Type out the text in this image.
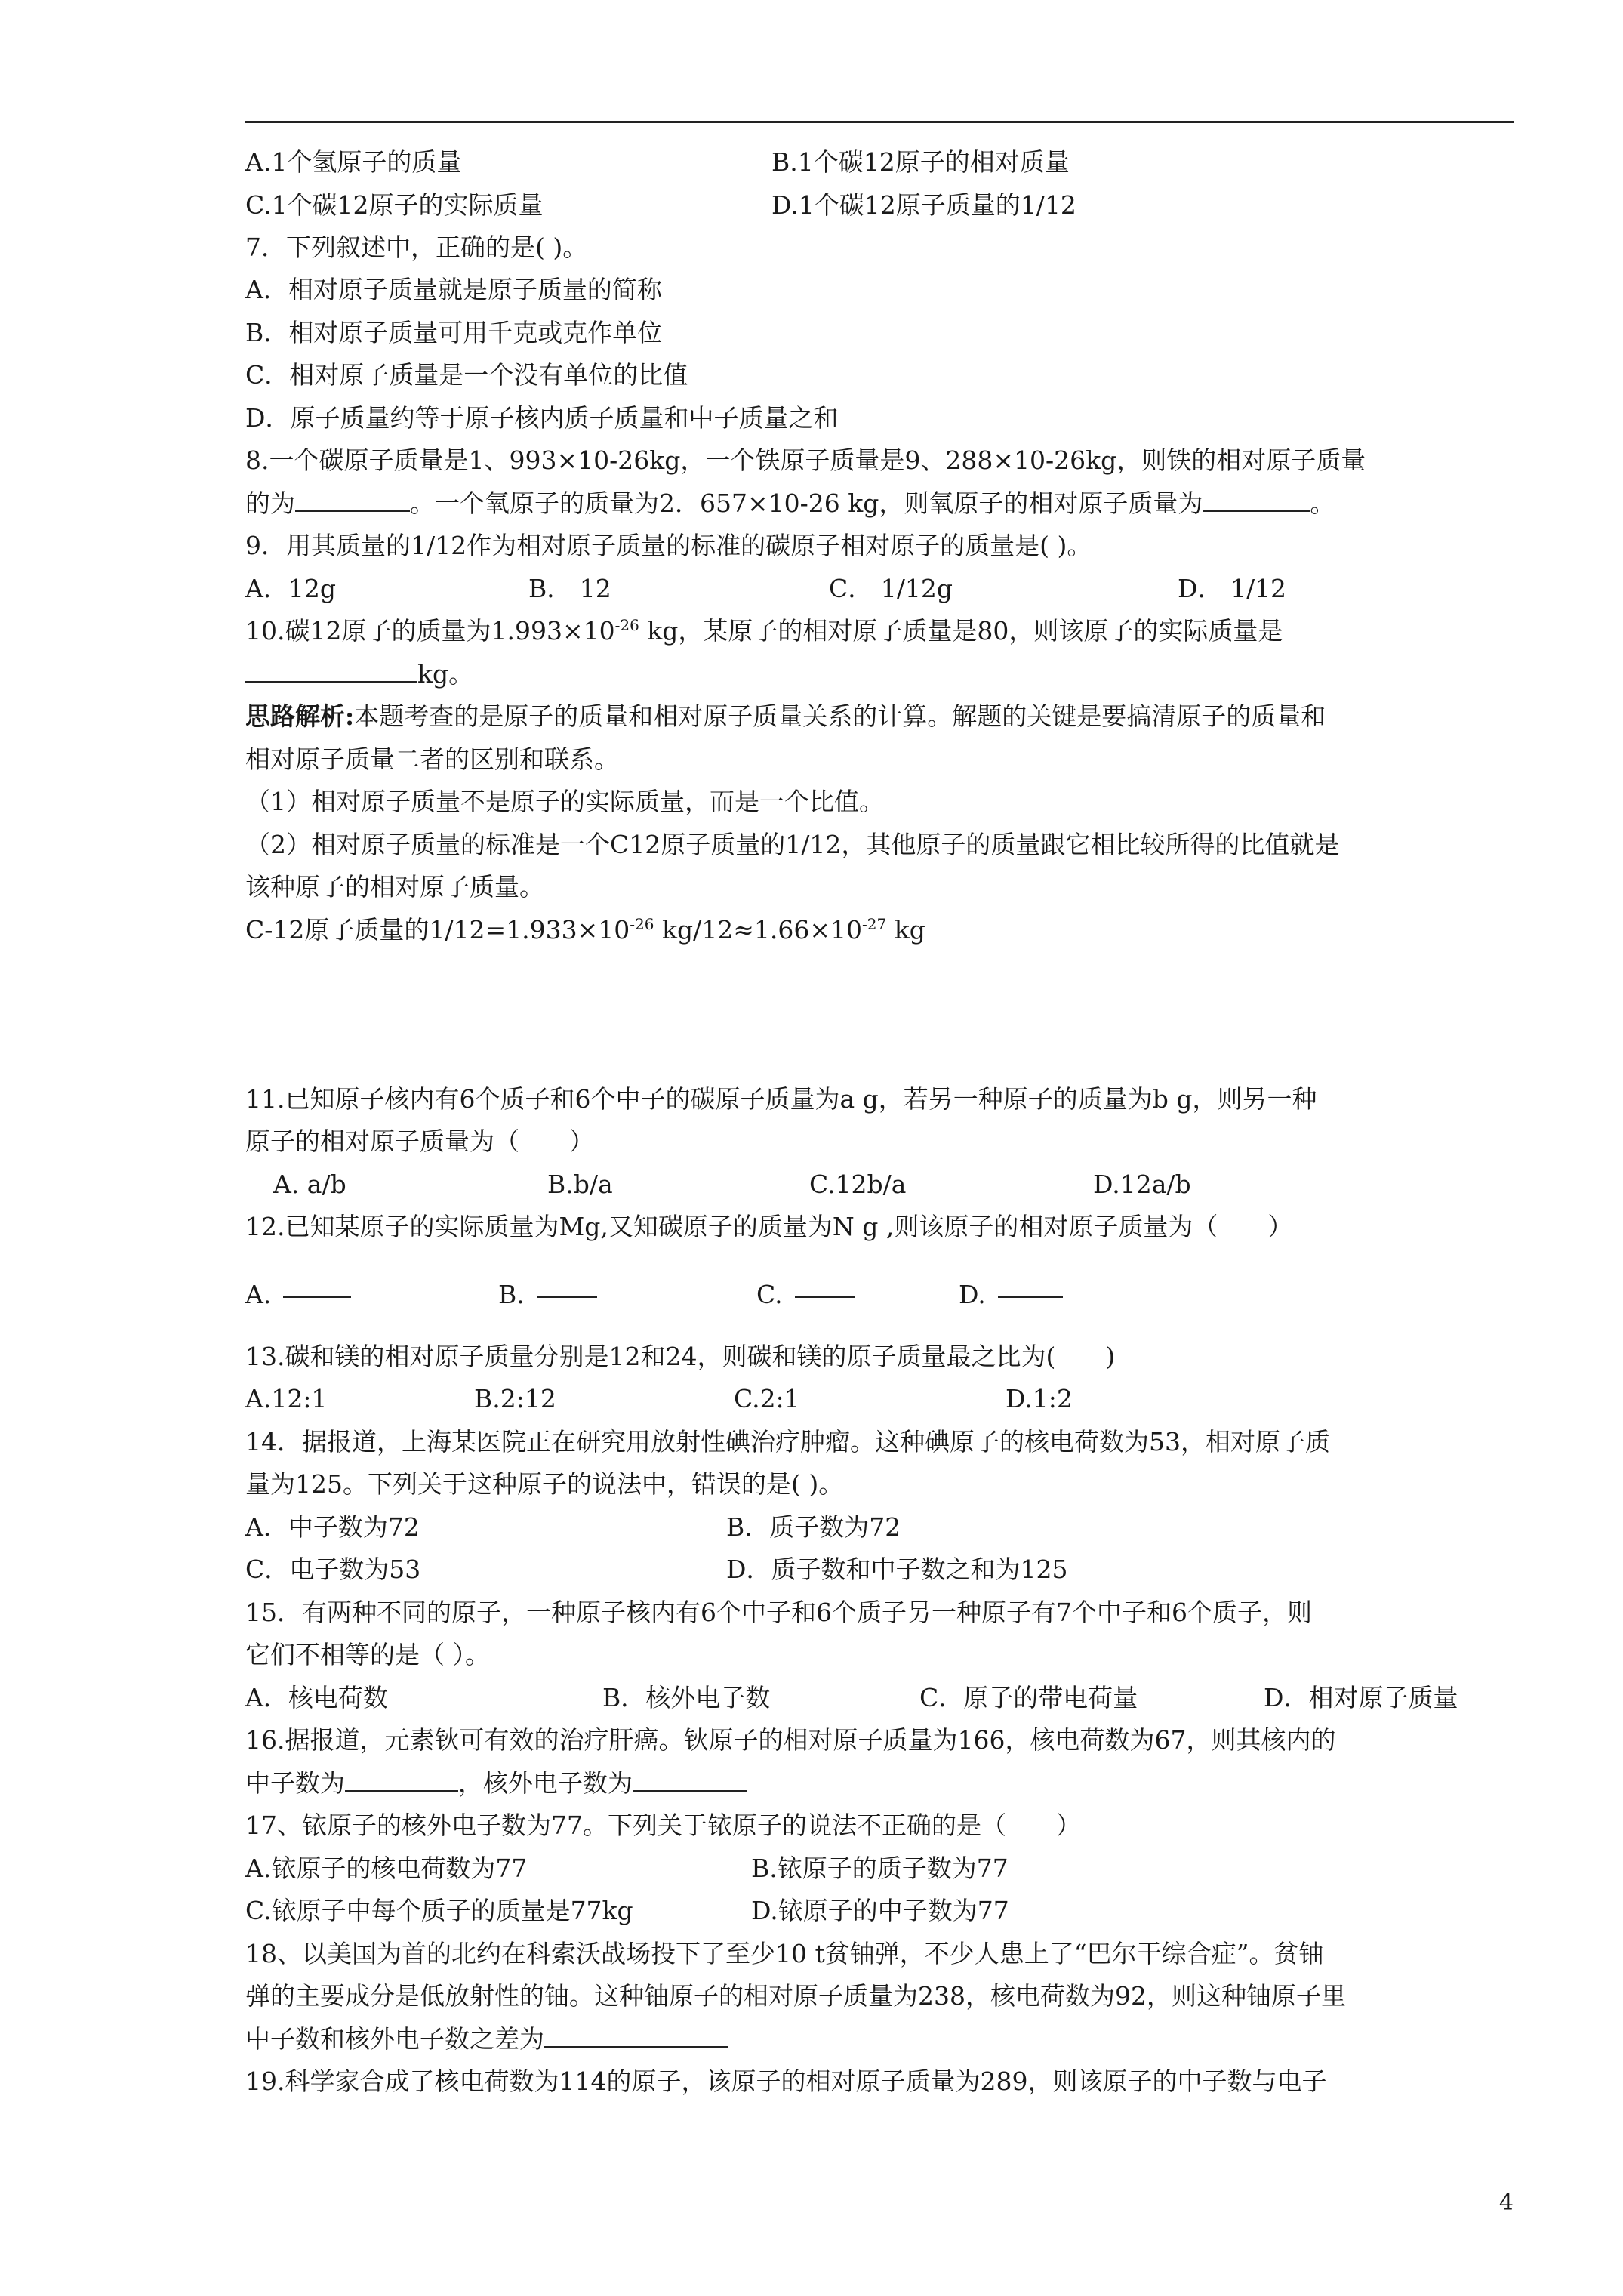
A.1个氢原子的质量	B.1个碳12原子的相对质量
C.1个碳12原子的实际质量	D.1个碳12原子质量的1/12
7．下列叙述中，正确的是( )。
A．相对原子质量就是原子质量的简称
B．相对原子质量可用千克或克作单位
C．相对原子质量是一个没有单位的比值
D．原子质量约等于原子核内质子质量和中子质量之和
8.一个碳原子质量是1、993×10-26kg，一个铁原子质量是9、288×10-26kg，则铁的相对原子质量
的为	。一个氧原子的质量为2．657×10-26 kg，则氧原子的相对原子质量为	。
9．用其质量的1/12作为相对原子质量的标准的碳原子相对原子的质量是( )。
A．12g	B． 12	C． 1/12g	D． 1/12
10.碳12原子的质量为$1.993\times 10^{-26}$ kg，某原子的相对原子质量是80，则该原子的实际质量是
kg。
思路解析:本题考查的是原子的质量和相对原子质量关系的计算。解题的关键是要搞清原子的质量和
相对原子质量二者的区别和联系。
（1）相对原子质量不是原子的实际质量，而是一个比值。
（2）相对原子质量的标准是一个C12原子质量的1/12，其他原子的质量跟它相比较所得的比值就是
该种原子的相对原子质量。
C-12原子质量的$1/12=1.933\times 10^{-26}$ $kg/12\approx 1.66\times 10^{-27}$ kg
11.已知原子核内有6个质子和6个中子的碳原子质量为a g，若另一种原子的质量为b g，则另一种
原子的相对原子质量为（　　）
A. a/b	B.b/a	C.12b/a	D.12a/b
12.已知某原子的实际质量为Mg,又知碳原子的质量为N g ,则该原子的相对原子质量为（　　）
A.	B.	C.	D.
13.碳和镁的相对原子质量分别是12和24，则碳和镁的原子质量最之比为(　　)
A.12:1	B.2:12	C.2:1	D.1:2
14．据报道，上海某医院正在研究用放射性碘治疗肿瘤。这种碘原子的核电荷数为53，相对原子质
量为125。下列关于这种原子的说法中，错误的是( )。
A．中子数为72	B．质子数为72
C．电子数为53	D．质子数和中子数之和为125
15．有两种不同的原子，一种原子核内有6个中子和6个质子另一种原子有7个中子和6个质子，则
它们不相等的是（ ）。
A．核电荷数	B．核外电子数	C．原子的带电荷量	D．相对原子质量
16.据报道，元素钬可有效的治疗肝癌。钬原子的相对原子质量为166，核电荷数为67，则其核内的
中子数为	，核外电子数为
17、铱原子的核外电子数为77。下列关于铱原子的说法不正确的是（　　）
A.铱原子的核电荷数为77	B.铱原子的质子数为77
C.铱原子中每个质子的质量是77kg	D.铱原子的中子数为77
18、以美国为首的北约在科索沃战场投下了至少10 t贫铀弹，不少人患上了“巴尔干综合症”。贫铀
弹的主要成分是低放射性的铀。这种铀原子的相对原子质量为238，核电荷数为92，则这种铀原子里
中子数和核外电子数之差为
19.科学家合成了核电荷数为114的原子，该原子的相对原子质量为289，则该原子的中子数与电子
4
